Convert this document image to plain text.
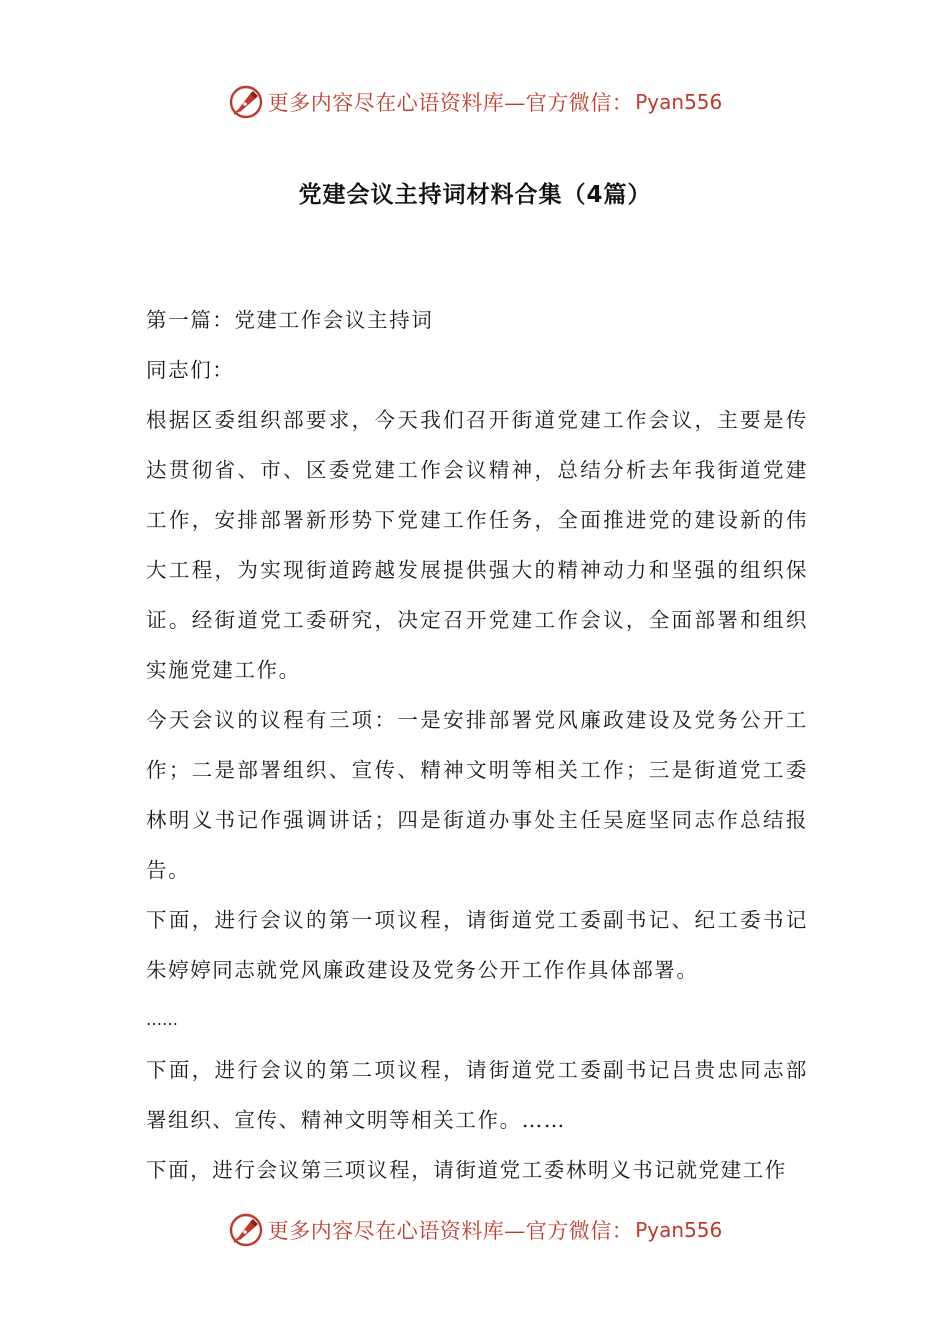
更多内容尽在心语资料库—官方微信： Pyan556
党建会议主持词材料合集（4篇）

第一篇：党建工作会议主持词

同志们：

根据区委组织部要求，今天我们召开街道党建工作会议，主要是传达贯彻省、市、区委党建工作会议精神，总结分析去年我街道党建工作，安排部署新形势下党建工作任务，全面推进党的建设新的伟大工程，为实现街道跨越发展提供强大的精神动力和坚强的组织保证。经街道党工委研究，决定召开党建工作会议，全面部署和组织实施党建工作。

今天会议的议程有三项：一是安排部署党风廉政建设及党务公开工作；二是部署组织、宣传、精神文明等相关工作；三是街道党工委林明义书记作强调讲话；四是街道办事处主任吴庭坚同志作总结报告。

下面，进行会议的第一项议程，请街道党工委副书记、纪工委书记朱婷婷同志就党风廉政建设及党务公开工作作具体部署。

……

下面，进行会议的第二项议程，请街道党工委副书记吕贵忠同志部署组织、宣传、精神文明等相关工作。……

下面，进行会议第三项议程，请街道党工委林明义书记就党建工作

更多内容尽在心语资料库—官方微信： Pyan556
